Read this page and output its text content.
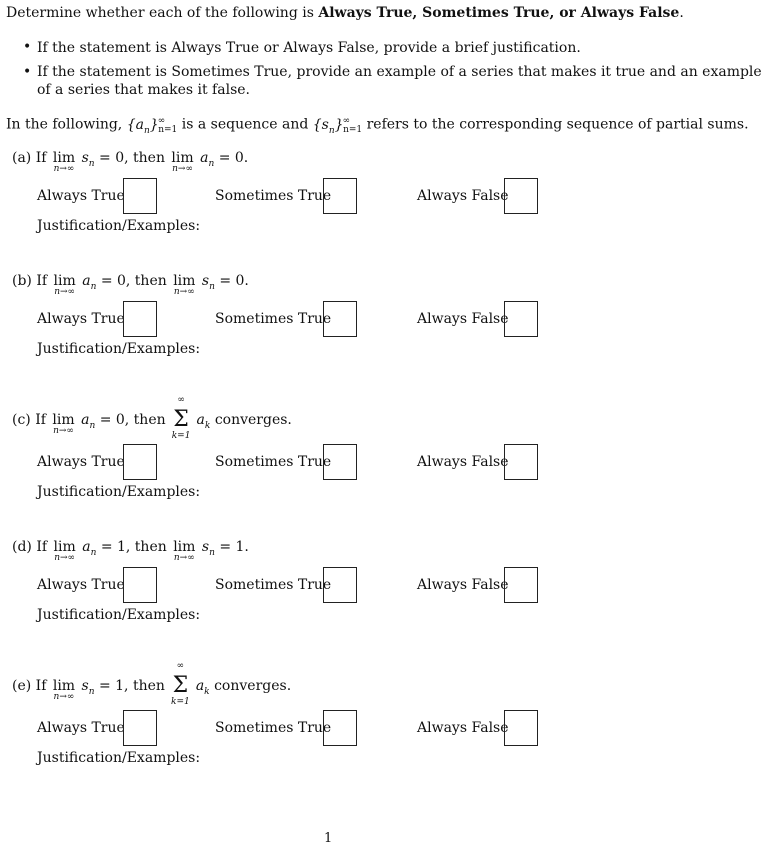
Determine whether each of the following is Always True, Sometimes True, or Always False.
• If the statement is Always True or Always False, provide a brief justification.
• If the statement is Sometimes True, provide an example of a series that makes it true and an example
of a series that makes it false.
In the following, $\{a_n\}^\infty_{n=1}$ is a sequence and $\{s_n\}^\infty_{n=1}$ refers to the corresponding sequence of partial sums.
(a) If lim
n→∞
$s_n = 0$, then lim
n→∞
$a_n = 0$.
Always True	Sometimes True	Always False
Justification/Examples:
(b) If lim
n→∞
$a_n = 0$, then lim
n→∞
$s_n = 0$.
Always True	Sometimes True	Always False
Justification/Examples:
(c) If lim
n→∞
$a_n = 0$, then Σ
∞
k=1
$a_k$ converges.
Always True	Sometimes True	Always False
Justification/Examples:
(d) If lim
n→∞
$a_n = 1$, then lim
n→∞
$s_n = 1$.
Always True	Sometimes True	Always False
Justification/Examples:
(e) If lim
n→∞
$s_n = 1$, then Σ
∞
k=1
$a_k$ converges.
Always True	Sometimes True	Always False
Justification/Examples:
1
